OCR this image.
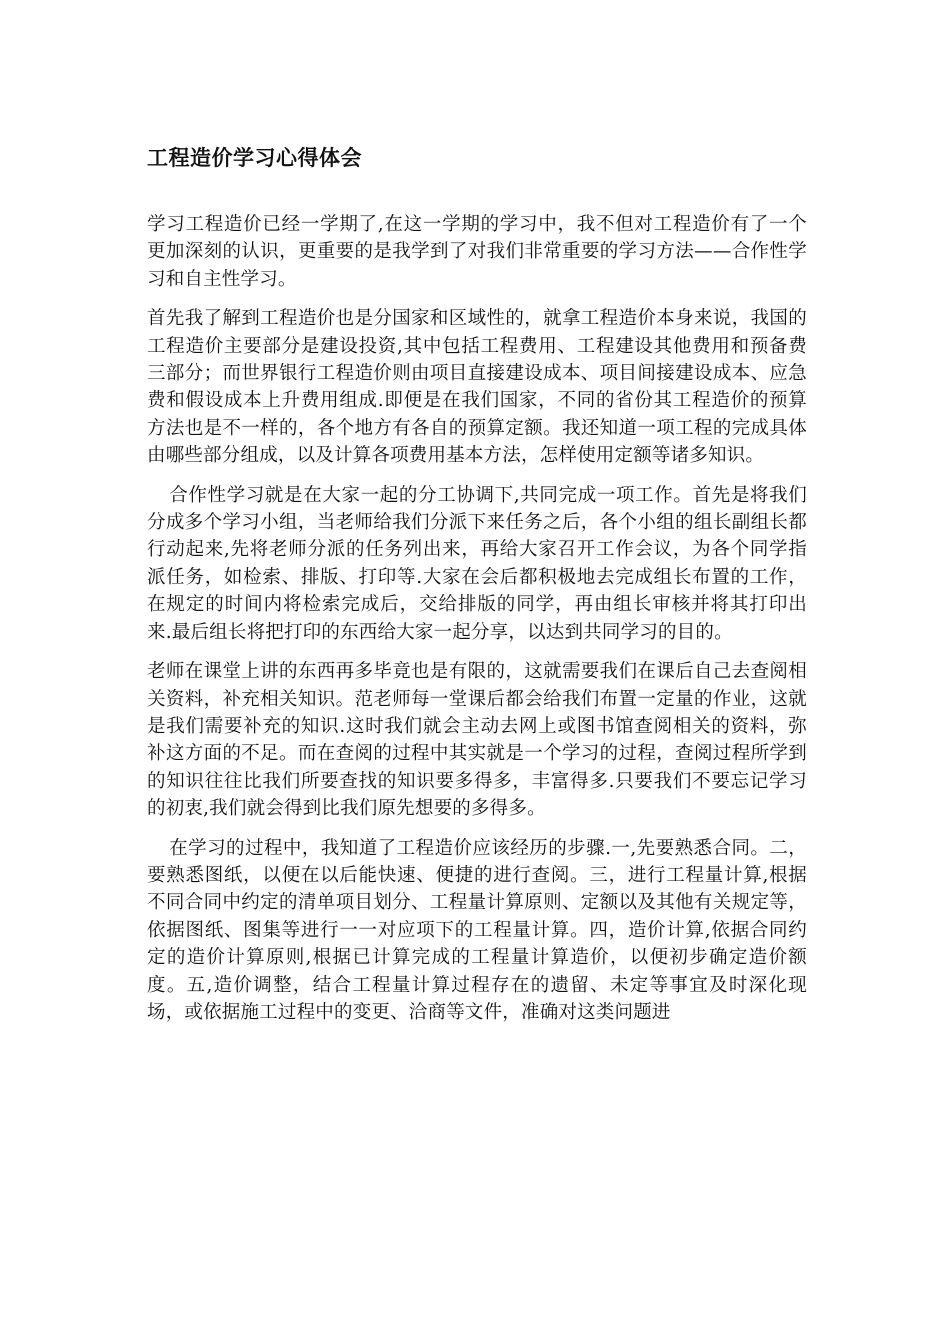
工程造价学习心得体会

学习工程造价已经一学期了,在这一学期的学习中，我不但对工程造价有了一个更加深刻的认识，更重要的是我学到了对我们非常重要的学习方法——合作性学习和自主性学习。

首先我了解到工程造价也是分国家和区域性的，就拿工程造价本身来说，我国的工程造价主要部分是建设投资,其中包括工程费用、工程建设其他费用和预备费三部分；而世界银行工程造价则由项目直接建设成本、项目间接建设成本、应急费和假设成本上升费用组成.即便是在我们国家，不同的省份其工程造价的预算方法也是不一样的，各个地方有各自的预算定额。我还知道一项工程的完成具体由哪些部分组成，以及计算各项费用基本方法，怎样使用定额等诸多知识。

合作性学习就是在大家一起的分工协调下,共同完成一项工作。首先是将我们分成多个学习小组，当老师给我们分派下来任务之后，各个小组的组长副组长都行动起来,先将老师分派的任务列出来，再给大家召开工作会议，为各个同学指派任务，如检索、排版、打印等.大家在会后都积极地去完成组长布置的工作，在规定的时间内将检索完成后，交给排版的同学，再由组长审核并将其打印出来.最后组长将把打印的东西给大家一起分享，以达到共同学习的目的。

老师在课堂上讲的东西再多毕竟也是有限的，这就需要我们在课后自己去查阅相关资料，补充相关知识。范老师每一堂课后都会给我们布置一定量的作业，这就是我们需要补充的知识.这时我们就会主动去网上或图书馆查阅相关的资料，弥补这方面的不足。而在查阅的过程中其实就是一个学习的过程，查阅过程所学到的知识往往比我们所要查找的知识要多得多，丰富得多.只要我们不要忘记学习的初衷,我们就会得到比我们原先想要的多得多。

在学习的过程中，我知道了工程造价应该经历的步骤.一,先要熟悉合同。二，要熟悉图纸，以便在以后能快速、便捷的进行查阅。三，进行工程量计算,根据不同合同中约定的清单项目划分、工程量计算原则、定额以及其他有关规定等，依据图纸、图集等进行一一对应项下的工程量计算。四，造价计算,依据合同约定的造价计算原则,根据已计算完成的工程量计算造价，以便初步确定造价额度。五,造价调整，结合工程量计算过程存在的遗留、未定等事宜及时深化现场，或依据施工过程中的变更、洽商等文件，准确对这类问题进
